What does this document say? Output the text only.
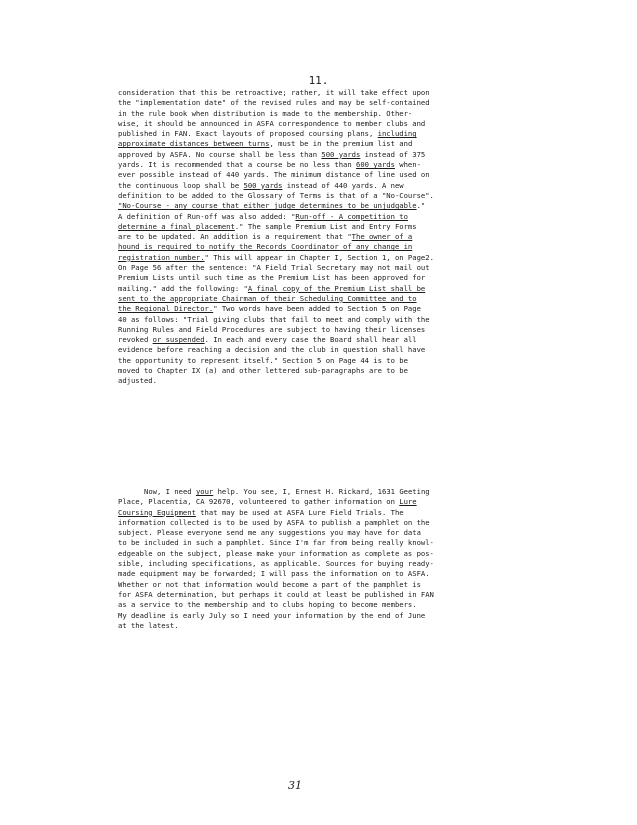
11.
consideration that this be retroactive; rather, it will take effect upon
the "implementation date" of the revised rules and may be self-contained
in the rule book when distribution is made to the membership. Other-
wise, it should be announced in ASFA correspondence to member clubs and
published in FAN. Exact layouts of proposed coursing plans, including
approximate distances between turns, must be in the premium list and
approved by ASFA. No course shall be less than 500 yards instead of 375
yards. It is recommended that a course be no less than 600 yards when-
ever possible instead of 440 yards. The minimum distance of line used on
the continuous loop shall be 500 yards instead of 440 yards. A new
definition to be added to the Glossary of Terms is that of a "No-Course".
"No-Course - any course that either judge determines to be unjudgable."
A definition of Run-off was also added: "Run-off - A competition to
determine a final placement." The sample Premium List and Entry Forms
are to be updated. An addition is a requirement that "The owner of a
hound is required to notify the Records Coordinator of any change in
registration number." This will appear in Chapter I, Section 1, on Page2.
On Page 56 after the sentence: "A Field Trial Secretary may not mail out
Premium Lists until such time as the Premium List has been approved for
mailing." add the following: "A final copy of the Premium List shall be
sent to the appropriate Chairman of their Scheduling Committee and to
the Regional Director." Two words have been added to Section 5 on Page
40 as follows: "Trial giving clubs that fail to meet and comply with the
Running Rules and Field Procedures are subject to having their licenses
revoked or suspended. In each and every case the Board shall hear all
evidence before reaching a decision and the club in question shall have
the opportunity to represent itself." Section 5 on Page 44 is to be
moved to Chapter IX (a) and other lettered sub-paragraphs are to be
adjusted.
Now, I need your help. You see, I, Ernest H. Rickard, 1631 Geeting
Place, Placentia, CA 92670, volunteered to gather information on Lure
Coursing Equipment that may be used at ASFA Lure Field Trials. The
information collected is to be used by ASFA to publish a pamphlet on the
subject. Please everyone send me any suggestions you may have for data
to be included in such a pamphlet. Since I'm far from being really knowl-
edgeable on the subject, please make your information as complete as pos-
sible, including specifications, as applicable. Sources for buying ready-
made equipment may be forwarded; I will pass the information on to ASFA.
Whether or not that information would become a part of the pamphlet is
for ASFA determination, but perhaps it could at least be published in FAN
as a service to the membership and to clubs hoping to become members.
My deadline is early July so I need your information by the end of June
at the latest.
31
